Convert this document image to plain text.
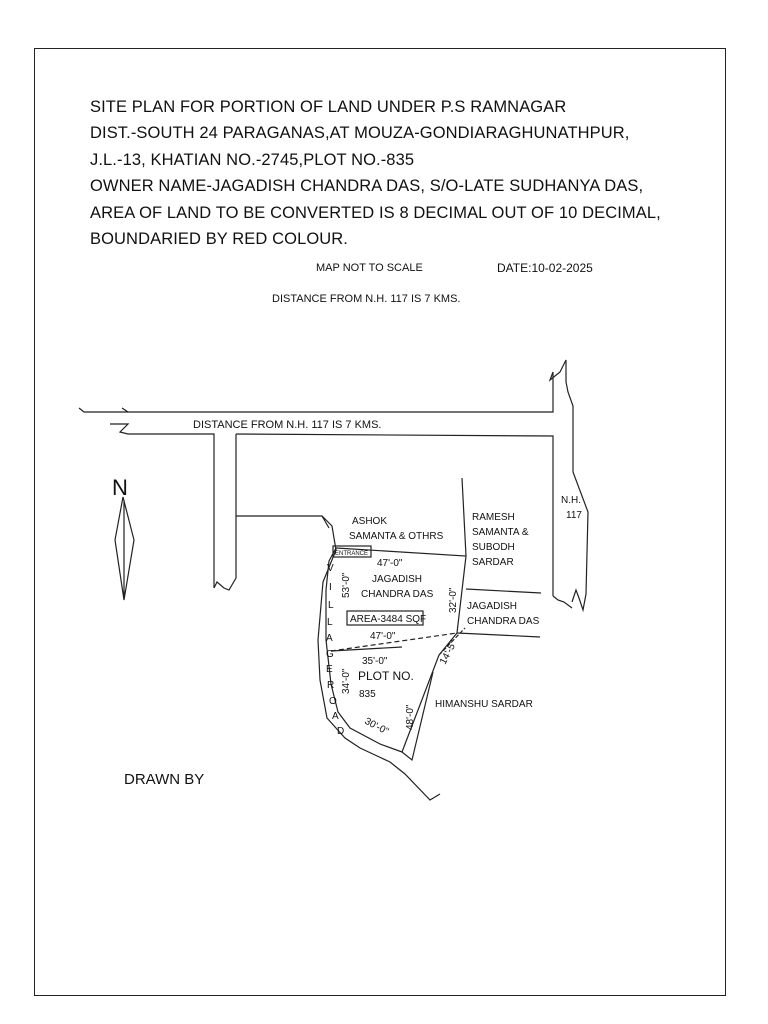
SITE PLAN FOR PORTION OF LAND UNDER P.S RAMNAGAR
DIST.-SOUTH 24 PARAGANAS,AT MOUZA-GONDIARAGHUNATHPUR,
J.L.-13, KHATIAN NO.-2745,PLOT NO.-835
OWNER NAME-JAGADISH CHANDRA DAS, S/O-LATE SUDHANYA DAS,
AREA OF LAND TO BE CONVERTED IS 8 DECIMAL OUT OF 10 DECIMAL,
BOUNDARIED BY RED COLOUR.
MAP NOT TO SCALE	DATE:10-02-2025
DISTANCE FROM N.H. 117 IS 7 KMS.
DISTANCE FROM N.H. 117 IS 7 KMS.
N
N.H.
117
ASHOK
SAMANTA & OTHRS
RAMESH
SAMANTA &
SUBODH
SARDAR
JAGADISH
CHANDRA DAS
HIMANSHU SARDAR
ENTRANCE
JAGADISH
CHANDRA DAS
AREA-3484 SQF
PLOT NO.
835
47'-0"
47'-0"
35'-0"
53'-0"
32'-0"
34'-0"
14'-5"
30'-0" 48'-0"
V
I
L
L
A
G
E
R
O
A
D
DRAWN BY
